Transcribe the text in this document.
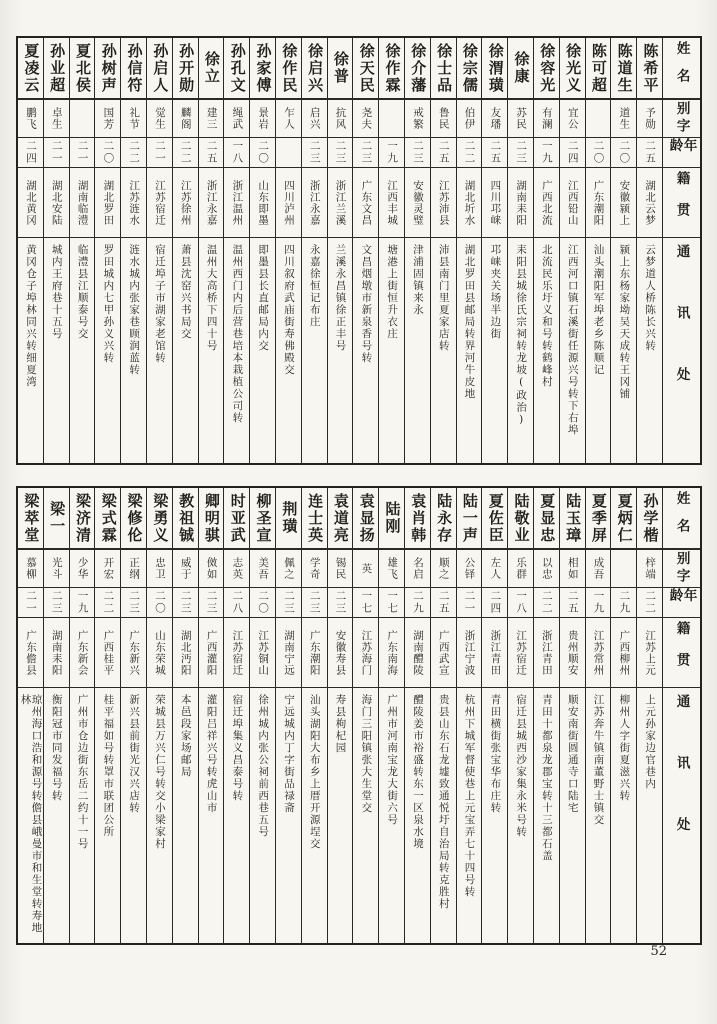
姓名
别字
年龄
籍贯
通讯处
陈希平
予勋
二五
湖北云梦
云梦道人桥陈长兴转
陈道生
道生
二〇
安徽颍上
颍上东杨家坳吴天成转王冈铺
陈可超
二〇
广东潮阳
汕头潮阳军埠老乡陈顺记
徐光义
宜公
二四
江西铅山
江西河口镇石溪街任源兴号转下右埠
徐容光
有澜
一九
广西北流
北流民乐圩义和号转鹤峰村
徐康
苏民
二三
湖南耒阳
耒阳县城徐氏宗祠转龙坡(政治)
徐渭璜
友璠
二五
四川邛崃
邛崃夹关场半边街
徐宗儒
伯伊
二二
湖北圻水
湖北罗田县邮局转界河牛皮地
徐士品
鲁民
二五
江苏沛县
沛县南门里夏家店转
徐介藩
戒繁
二三
安徽灵璧
津浦固镇来永
徐作霖
一九
江西丰城
塘港上街恒升衣庄
徐天民
尧夫
二三
广东文昌
文昌烟墩市新泉香号转
徐普
抗风
二三
浙江兰溪
兰溪永昌镇徐正丰号
徐启兴
启兴
二三
浙江永嘉
永嘉徐恒记布庄
徐作民
乍人
四川泸州
四川叙府武庙街寿佛殿交
孙家傅
景岩
二〇
山东即墨
即墨县长直邮局内交
孙孔文
绳武
一八
浙江温州
温州西门内后营巷培本栽植公司转
徐立
建三
二五
浙江永嘉
温州大高桥下四十号
孙开勋
麟阁
二二
江苏徐州
萧县沈窑兴书局交
孙启人
觉生
二一
江苏宿迁
宿迁埠子市湖家老馆转
孙信符
礼节
二二
江苏涟水
涟水城内张家巷顾润蓝转
孙树声
国芳
二〇
湖北罗田
罗田城内七甲孙义兴转
夏北侯
二一
湖南临澧
临澧县江顺泰号交
孙业超
卓生
二一
湖北安陆
城内王府巷十五号
夏凌云
鹏飞
二四
湖北黄冈
黄冈仓子埠林同兴转细夏湾
姓名
别字
年龄
籍贯
通讯处
孙学楷
梓端
二二
江苏上元
上元孙家边官巷内
夏炳仁
二九
广西柳州
柳州人字街夏滋兴转
夏季屏
成吾
一九
江苏常州
江苏奔牛镇南董野士镇交
陆玉璋
相如
二五
贵州顺安
顺安南街圆通寺口陆宅
夏显忠
以忠
二二
浙江青田
青田十都泉龙郡宝转十三都石盖
陆敬业
乐群
一八
江苏宿迁
宿迁县城西沙家集永米号转
夏佐臣
左人
二四
浙江青田
青田横街张宝华布庄转
陆一声
公铎
二一
浙江宁波
杭州下城军督使巷上元宝弄七十四号转
陆永存
顺之
二五
广西武宣
贵县山东石龙墟致通悦圩自治局转克胜村
袁肖韩
名启
二九
湖南醴陵
醴陵姜市裕盛转东一区泉水境
陆刚
雄飞
一七
广东南海
广州市河南宝龙大街六号
袁显扬
英
一七
江苏海门
海门三阳镇张大生堂交
袁道亮
锡民
二三
安徽寿县
寿县枸杞园
连士英
学奇
二三
广东潮阳
汕头湖阳大布乡上厝开源埕交
荆璜
佩之
二三
湖南宁远
宁远城内丁字街品禄斋
柳圣宣
美吾
二〇
江苏铜山
徐州城内张公祠前西巷五号
时亚武
志英
二八
江苏宿迁
宿迁埠集义昌泰号转
卿明骐
傚如
二三
广西灌阳
灌阳吕祥兴号转虎山市
教祖铖
威于
二三
湖北沔阳
本邑段家场邮局
梁勇义
忠卫
二〇
山东荣城
荣城县万兴仁号转交小梁家村
梁修伦
正纲
二三
广东新兴
新兴县前街光汉兴店转
梁式霖
开宏
二二
广西桂平
桂平福如号转罩市联团公所
梁济清
少华
一九
广东新会
广州市仓边街东岳二约十一号
梁一
光斗
二三
湖南耒阳
衡阳冠市同发福号转
梁萃堂
慕柳
二一
广东儋县
琼州海口浩和源号转儋县峨曼市和生堂转寿地林
52
